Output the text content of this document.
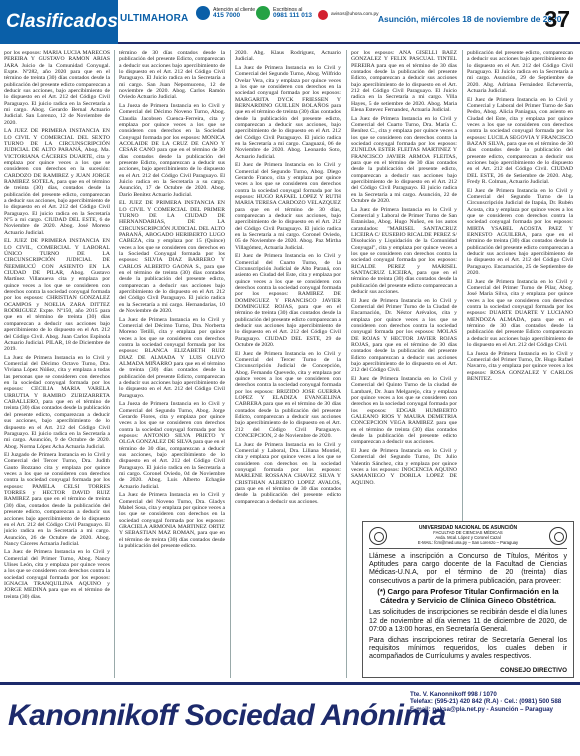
Clasificados ULTIMAHORA
Atención al cliente
415 7000
Escribinos al
0981 111 013	avisos@uhora.com.py Asunción, miércoles 18 de noviembre de 2020
37

por los esposos: MARIA LUCIA MARECOS PEREIRA Y GUSTAVO RAMON ARIAS JARA Juicio de la Comunidad Conyugal. Expte. Nº282, año 2020 para que en el término de treinta (30) días contados desde la publicación del presente edicto comparezcan a deducir sus acciones, bajo apercibimiento de lo dispuesto en el Art. 212 del Código Civil Paraguayo. El juicio radica en la Secretaría a mi cargo. Abog. Gerardo Bernal Actuario Judicial. San Lorenzo, 12 de Noviembre de 2020.

LA JUEZ DE PRIMERA INSTANCIA EN LO CIVIL Y COMERCIAL DEL SEXTO TURNO DE LA CIRCUNSCRIPCIÓN JUDICIAL DE ALTO PARANÁ, Abog. Ma. VICTORIANA CÁCERES DUARTE, cita y emplaza por quince veces a los que se consideren con derechos en la sucesión: CARDOZO DE RAMIREZ y JUAN JORGE RAMIREZ SOTELA, para que en el término de treinta (30) días, contados desde la publicación del presente edicto, comparezcan a deducir sus acciones, bajo apercibimiento de lo dispuesto en el Art. 212 del Código Civil Paraguayo. El juicio radica en la Secretaría Nº5 a mi cargo. CIUDAD DEL ESTE, 6 de Noviembre de 2020. Abog. José Moreno Actuario Judicial.

EL JUEZ DE PRIMERA INSTANCIA EN LO CIVIL, COMERCIAL Y LABORAL ÚNICO TURNO DE LA CIRCUNSCRIPCIÓN JUDICIAL DE ÑEEMBUCÚ CON ASIENTO EN LA CIUDAD DE PILAR, Abog. Gustavo Martínez Villanueva cita y emplaza por quince veces a los que se consideren con derechos contra la sociedad conyugal formada por los esposos: CHRISTIAN GONZALEZ OCAMPOS y NOELIA ZARA DITTEZ RODRIGUEZ Expte. Nº150, año 2015 para que en el término de treinta (30) días comparezcan a deducir sus acciones bajo apercibimiento de lo dispuesto en el Art. 212 del Código Civil. Abog. Juan Carlos Espínola Actuario Judicial. PILAR, 18 de Diciembre de 2019.

La Juez de Primera Instancia en lo Civil y Comercial del Décimo Octavo Turno, Dra. Viviana López Núñez, cita y emplaza a todas las personas que se consideren con derechos en la sociedad conyugal formada por los esposos: CECILIA MARIA VARELA URRUTIA Y RAMIRO ZUBIZARRETA CABALLERO, para que en el término de treinta (30) días contados desde la publicación del presente edicto, comparezcan a deducir sus acciones, bajo apercibimiento de lo dispuesto en el Art. 212 del Código Civil Paraguayo. El juicio radica en la Secretaría a mi cargo. Asunción, 9 de Octubre de 2020. Abog. Norma López Acha Actuaria Judicial.

El Juzgado de Primera Instancia en lo Civil y Comercial del Tercer Turno, Dra. Judith Gauto Bozzano cita y emplaza por quince veces a los que se consideren con derechos contra la sociedad conyugal formada por los esposos: PAMELA CELSI TORRES TORRES y HECTOR DAVID RUIZ RAMIREZ para que en el término de treinta (30) días, contados desde la publicación del presente edicto, comparezcan a deducir sus acciones bajo apercibimiento de lo dispuesto en el Art. 212 del Código Civil Paraguayo. El juicio radica en la Secretaría a mi cargo. Asunción, 26 de Octubre de 2020. Abog. Nancy Cáceres Actuaria Judicial.

La Juez de Primera Instancia en lo Civil y Comercial del Primer Turno, Abog. Nancy Ulises León, cita y emplaza por quince veces a los que se consideren con derechos contra la sociedad conyugal formada por los esposos: IGNACIA TRANQUILINA AQUINO y JORGE MEDINA para que en el término de treinta (30) días.

término de 30 días contados desde la publicación del presente Edicto, comparezcan a deducir sus acciones bajo apercibimiento de lo dispuesto en el Art. 212 del Código Civil Paraguayo. El Juicio radica en la Secretaría a mi cargo. San Juan Nepomuceno, 12 de noviembre de 2020. Abog. Carlos Ramón Oviedo Actuario Judicial.

La Jueza de Primera Instancia en lo Civil y Comercial del Décimo Noveno Turno, Abog. Claudia Jacobsen Cuenca-Ferreira, cita y emplaza por quince veces a los que se consideren con derechos en la Sociedad Conyugal formada por los esposos: MONICA ACOLAIDE DE LA CRUZ DE CANO Y CESAR CANO para que en el término de 30 días contados desde la publicación del presente Edicto, comparezcan a deducir sus acciones, bajo apercibimiento de lo dispuesto en el Art. 212 del Código Civil Paraguayo. El Juicio radica en la Secretaría a su cargo. Asunción, 17 de Octubre de 2020. Abog. Darío Benítez Actuario Judicial.

EL JUEZ DE PRIMERA INSTANCIA EN LO CIVIL Y COMERCIAL DEL PRIMER TURNO DE LA CIUDAD DE HERNANDARIAS, DE LA CIRCUNSCRIPCIÓN JUDICIAL DEL ALTO PARANÁ, ABOGADO HERIBERTO LUGO CABEZA, cita y emplaza por 15 (Quince) veces a los que se consideren con derechos en la Sociedad Conyugal formada por los esposos: SILVIA DIAZ BARRERO Y CARLOS ALBERTO GAONA S., para que en el término de treinta (30) días contados desde la publicación del presente edicto, comparezcan a deducir sus acciones bajo apercibimiento de lo dispuesto en el Art. 212 del Código Civil Paraguayo. El juicio radica en la Secretaría a mi cargo. Hernandarias, 10 de Noviembre de 2020.

La Juez de Primera Instancia en lo Civil y Comercial del Décimo Turno, Dra. Norberta Moreno Tetilli, cita y emplaza por quince veces a los que se consideren con derechos contra la sociedad conyugal formada por los esposos: BLANCA ELIZABETH RUIZ DIAZ DE ALMADA Y LUIS OLIVO ALMADA MIÑARRO para que en el término de treinta (30) días contados desde la publicación del presente Edicto, comparezcan a deducir sus acciones bajo apercibimiento de lo dispuesto en el Art. 212 del Código Civil Paraguayo.

La Jueza de Primera Instancia en lo Civil y Comercial del Segundo Turno, Abog. Jorge Gerardo Flores, cita y emplaza por quince veces a los que se consideren con derechos contra la sociedad conyugal formada por los esposos: ANTONIO SILVA PRIETO Y OLGA GONZALEZ DE SILVA para que en el término de 30 días, comparezcan a deducir sus acciones, bajo apercibimiento de lo dispuesto en el Art. 212 del Código Civil Paraguayo. El juicio radica en la Secretaría a mi cargo. Coronel Oviedo, 04 de Noviembre de 2020. Abog. Luis Alberto Echagüe Actuario Judicial.

La Juez de Primera Instancia en lo Civil y Comercial del Noveno Turno, Dra. Gladys Mabel Sosa, cita y emplaza por quince veces a los que se consideren con derechos en la sociedad conyugal formada por los esposos: GRACIELA ARMONIA MARTINEZ ORTIZ Y SEBASTIAN MAZ ROMAN, para que en el término de treinta (30) días contados desde la publicación del presente edicto.

2020. Abg. Klaus Rodriguez, Actuario Judicial.

La Juez de Primera Instancia en lo Civil y Comercial del Segundo Turno, Abog. Wilfrido Ovelar Vera, cita y emplaza por quince veces a los que se consideren con derechos en la sociedad conyugal formada por los esposos: MARGARITA DYCK FRIESSEN Y BERNARDINO GUILLEN BOLAÑOS para que en el término de treinta (30) días contados desde la publicación del presente edicto, comparezcan a deducir sus acciones, bajo apercibimiento de lo dispuesto en el Art. 212 del Código Civil Paraguayo. El juicio radica en la Secretaría a mi cargo. Caaguazú, 06 de Noviembre de 2020. Abog. Leonardo Soto, Actuario Judicial.

El Juez de Primera Instancia en lo Civil y Comercial del Segundo Turno, Abog. Diego Gerardo Franco, cita y emplaza por quince veces a los que se consideren con derechos contra la sociedad conyugal formada por los esposos: HUGO RAFAEL LOPEZ Y RUTH MARIA TERESA CARDOZO VELAZQUEZ para que en el término de 30 días, comparezcan a deducir sus acciones, bajo apercibimiento de lo dispuesto en el Art. 212 del Código Civil Paraguayo. El juicio radica en la Secretaría a mi cargo. Coronel Oviedo, 05 de Noviembre de 2020. Abog. Paz Mirtha Villagómez, Actuaria Judicial.

El Juez de Primera Instancia en lo Civil y Comercial del Cuarto Turno, de la Circunscripción Judicial de Alto Paraná, con asiento en Ciudad del Este, cita y emplaza por quince veces a los que se consideren con derechos contra la sociedad conyugal formada por los esposos: RAMIREZ DE DOMINGUEZ Y FRANCISCO JAVIER DOMINGUEZ ROJAS, para que en el término de treinta (30) días contados desde la publicación del presente edicto comparezcan a deducir sus acciones bajo apercibimiento de lo dispuesto en el Art. 212 del Código Civil Paraguayo. CIUDAD DEL ESTE, 29 de Octubre de 2020.

El Juez de Primera Instancia en lo Civil y Comercial del Tercer Turno de la Circunscripción Judicial de Concepción, Abog. Fernando Quevedo, cita y emplaza por quince veces a los que se consideren con derechos contra la sociedad conyugal formada por los esposos: BRIZIDO JOSE GUERRA LOPEZ Y ELADIZA EVANGELINA CABRERA para que en el término de 30 días contados desde la publicación del presente Edicto, comparezcan a deducir sus acciones bajo apercibimiento de lo dispuesto en el Art. 212 del Código Civil Paraguayo. CONCEPCION, 2 de Noviembre de 2020.

La Juez de Primera Instancia en lo Civil y Comercial y Laboral, Dra. Liliana Montiel, cita y emplaza por quince veces a los que se consideren con derechos en la sociedad conyugal formada por los esposos: MARLENE ROSSANA CHAVEZ SILVA Y CRISTHIAN ALBERTO LOPEZ AVALOS, para que en el término de 30 días contados desde la publicación del presente edicto comparezcan a deducir sus acciones.

por los esposos: ANA GISELLI BAEZ GONZALEZ Y FELIX PASCUAL TINTEL PEREIRA para que en el término de 30 días contados desde la publicación del presente Edicto, comparezcan a deducir sus acciones bajo apercibimiento de lo dispuesto en el Art. 212 del Código Civil Paraguayo. El Juicio radica en la Secretaría a mi cargo. Villa Hayes, 5 de setiembre de 2020. Abog. Maria Elena Estevez Fernandez, Actuaria Judicial.

La Juez de Primera Instancia en lo Civil y Comercial del Cuarto Turno, Dra. María C. Benítez C., cita y emplaza por quince veces a los que se consideren con derechos contra la sociedad conyugal formada por los esposos: ZUNILDA ESTER FLEITAS MARTINEZ Y FRANCISCO JAVIER ARMOA FLEITAS, para que en el término de 30 días contados desde la publicación del presente edicto, comparezcan a deducir sus acciones bajo apercibimiento de lo dispuesto en el Art. 212 del Código Civil Paraguayo. El juicio radica en la Secretaría a mi cargo. Asunción, 22 de Octubre de 2020.

La Juez de Primera Instancia en lo Civil y Comercial y Laboral de Primer Turno de San Estanislao, Abog. Hugo Nuñez, en los autos caratulados: "MARISEL SANTACRUZ LICEIRA C/ EUSEBIO RICALDE PEREZ S/ Disolución y Liquidación de la Comunidad Conyugal", cita y emplaza por quince veces a los que se consideren con derechos contra la sociedad conyugal formada por los esposos: RICALDE PEREZ y MARISEL SANTACRUZ LICEIRA, para que en el término de treinta (30) días contados desde la publicación del presente edicto comparezcan a deducir sus acciones.

El Juez de Primera Instancia en lo Civil y Comercial del Primer Turno de la Ciudad de Encarnación, Dr. Néstor Arévalos, cita y emplaza por quince veces a los que se consideren con derechos contra la sociedad conyugal formada por los esposos: MOLAS DE ROJAS Y HECTOR JAVIER ROJAS ROJAS, para que en el término de 30 días contados desde la publicación del presente Edicto comparezcan a deducir sus acciones bajo apercibimiento de lo dispuesto en el Art. 212 del Código Civil.

El Juez de Primera Instancia en lo Civil y Comercial del Quinto Turno de la ciudad de Lambaré, Dr. Juan Melgarejo, cita y emplaza por quince veces a los que se consideren con derechos en la sociedad conyugal formada por los esposos: EDGAR HUMBERTO GALEANO RIOS Y MAURA DEMETRIA CONCEPCION VEGA RAMIREZ para que en el término de treinta (30) días contados desde la publicación del presente edicto comparezcan a deducir sus acciones.

El Juez de Primera Instancia en lo Civil y Comercial del Segundo Turno, Dr. Julio Valentín Sánchez, cita y emplaza por quince veces a los esposos: INOCENCIA AQUINO SAMANIEGO Y DORILA LOPEZ DE AQUINO.

publicación del presente edicto, comparezcan a deducir sus acciones bajo apercibimiento de lo dispuesto en el Art. 212 del Código Civil Paraguayo. El Juicio radica en la Secretaría a mi cargo. Asunción, 29 de Septiembre de 2020. Abg. Adriana Fernández Echeverría, Actuaria Judicial.

El Juez de Primera Instancia en lo Civil y Comercial y Laboral del Primer Turno de San Pedro, Abog. Alicia Paniagua, con asiento en Ciudad del Este, cita y emplaza por quince veces a los que se consideren con derechos contra la sociedad conyugal formada por los esposos: LUCILA SEGOVIA Y FRANCISCO BAZAN SILVA, para que en el término de 30 días contados desde la publicación del presente edicto, comparezcan a deducir sus acciones bajo apercibimiento de lo dispuesto en el Art. 212 del Código Civil. CIUDAD DEL ESTE, 26 de Setiembre de 2020. Abg. Fredy R. Colman, Actuario Judicial.

El Juez de Primera Instancia en lo Civil y Comercial del Segundo Turno de la Circunscripción Judicial de Itapúa, Dr. Rubén Acosta, cita y emplaza por quince veces a los que se consideren con derechos contra la sociedad conyugal formada por los esposos: MIRTA YSABEL ACOSTA PAEZ Y ERNESTO AGUILERA, para que en el término de treinta (30) días contados desde la publicación del presente edicto comparezcan a deducir sus acciones bajo apercibimiento de lo dispuesto en el Art. 212 del Código Civil Paraguayo. Encarnación, 25 de Septiembre de 2020.

El Juez de Primera Instancia en lo Civil y Comercial del Primer Turno de Pilar, Abog. José María Silva, cita y emplaza por quince veces a los que se consideren con derechos contra la sociedad conyugal formada por los esposos: DUARTE DUARTE Y LUCIANO MENDOZA ALMADA, para que en el término de 30 días contados desde la publicación del presente Edicto comparezcan a deducir sus acciones bajo apercibimiento de lo dispuesto en el Art. 212 del Código Civil.

La Jueza de Primera Instancia en lo Civil y Comercial del Primer Turno, Dr. Hugo Rafael Navarro, cita y emplaza por quince veces a los esposos: ROSA GONZALEZ Y CARLOS BENITEZ.

UNIVERSIDAD NACIONAL DE ASUNCIÓN
FACULTAD DE CIENCIAS MÉDICAS
Avda. Mcal. López y Coronel Cazal
E-MAIL: fcm@med.una.py – San Lorenzo – Paraguay

Llámese a inscripción a Concurso de Títulos, Méritos y Aptitudes para cargo docente de la Facultad de Ciencias Médicas-U.N.A, por el término de 20 (treinta) días consecutivos a partir de la primera publicación, para proveer:

(*) Cargo para Profesor Titular Confirmación en la Cátedra y Servicio de Clínica Gineco Obstétrica.

Las solicitudes de inscripciones se recibirán desde el día lunes 12 de noviembre al día viernes 11 de diciembre de 2020, de 07:00 a 13:00 horas, en Secretaría General.

Para dichas inscripciones retirar de Secretaría General los requisitos mínimos requeridos, los cuales deben ir acompañados de Currículums y avales respectivos.

CONSEJO DIRECTIVO
Kanonnikoff Sociedad Anónima
Tte. V. Kanonnikoff 998 / 1070
Telefax: (595-21) 420 842 (R.A) · Cel.: (0981) 500 588
E-mail: paksa@pla.net.py - Asunción – Paraguay
